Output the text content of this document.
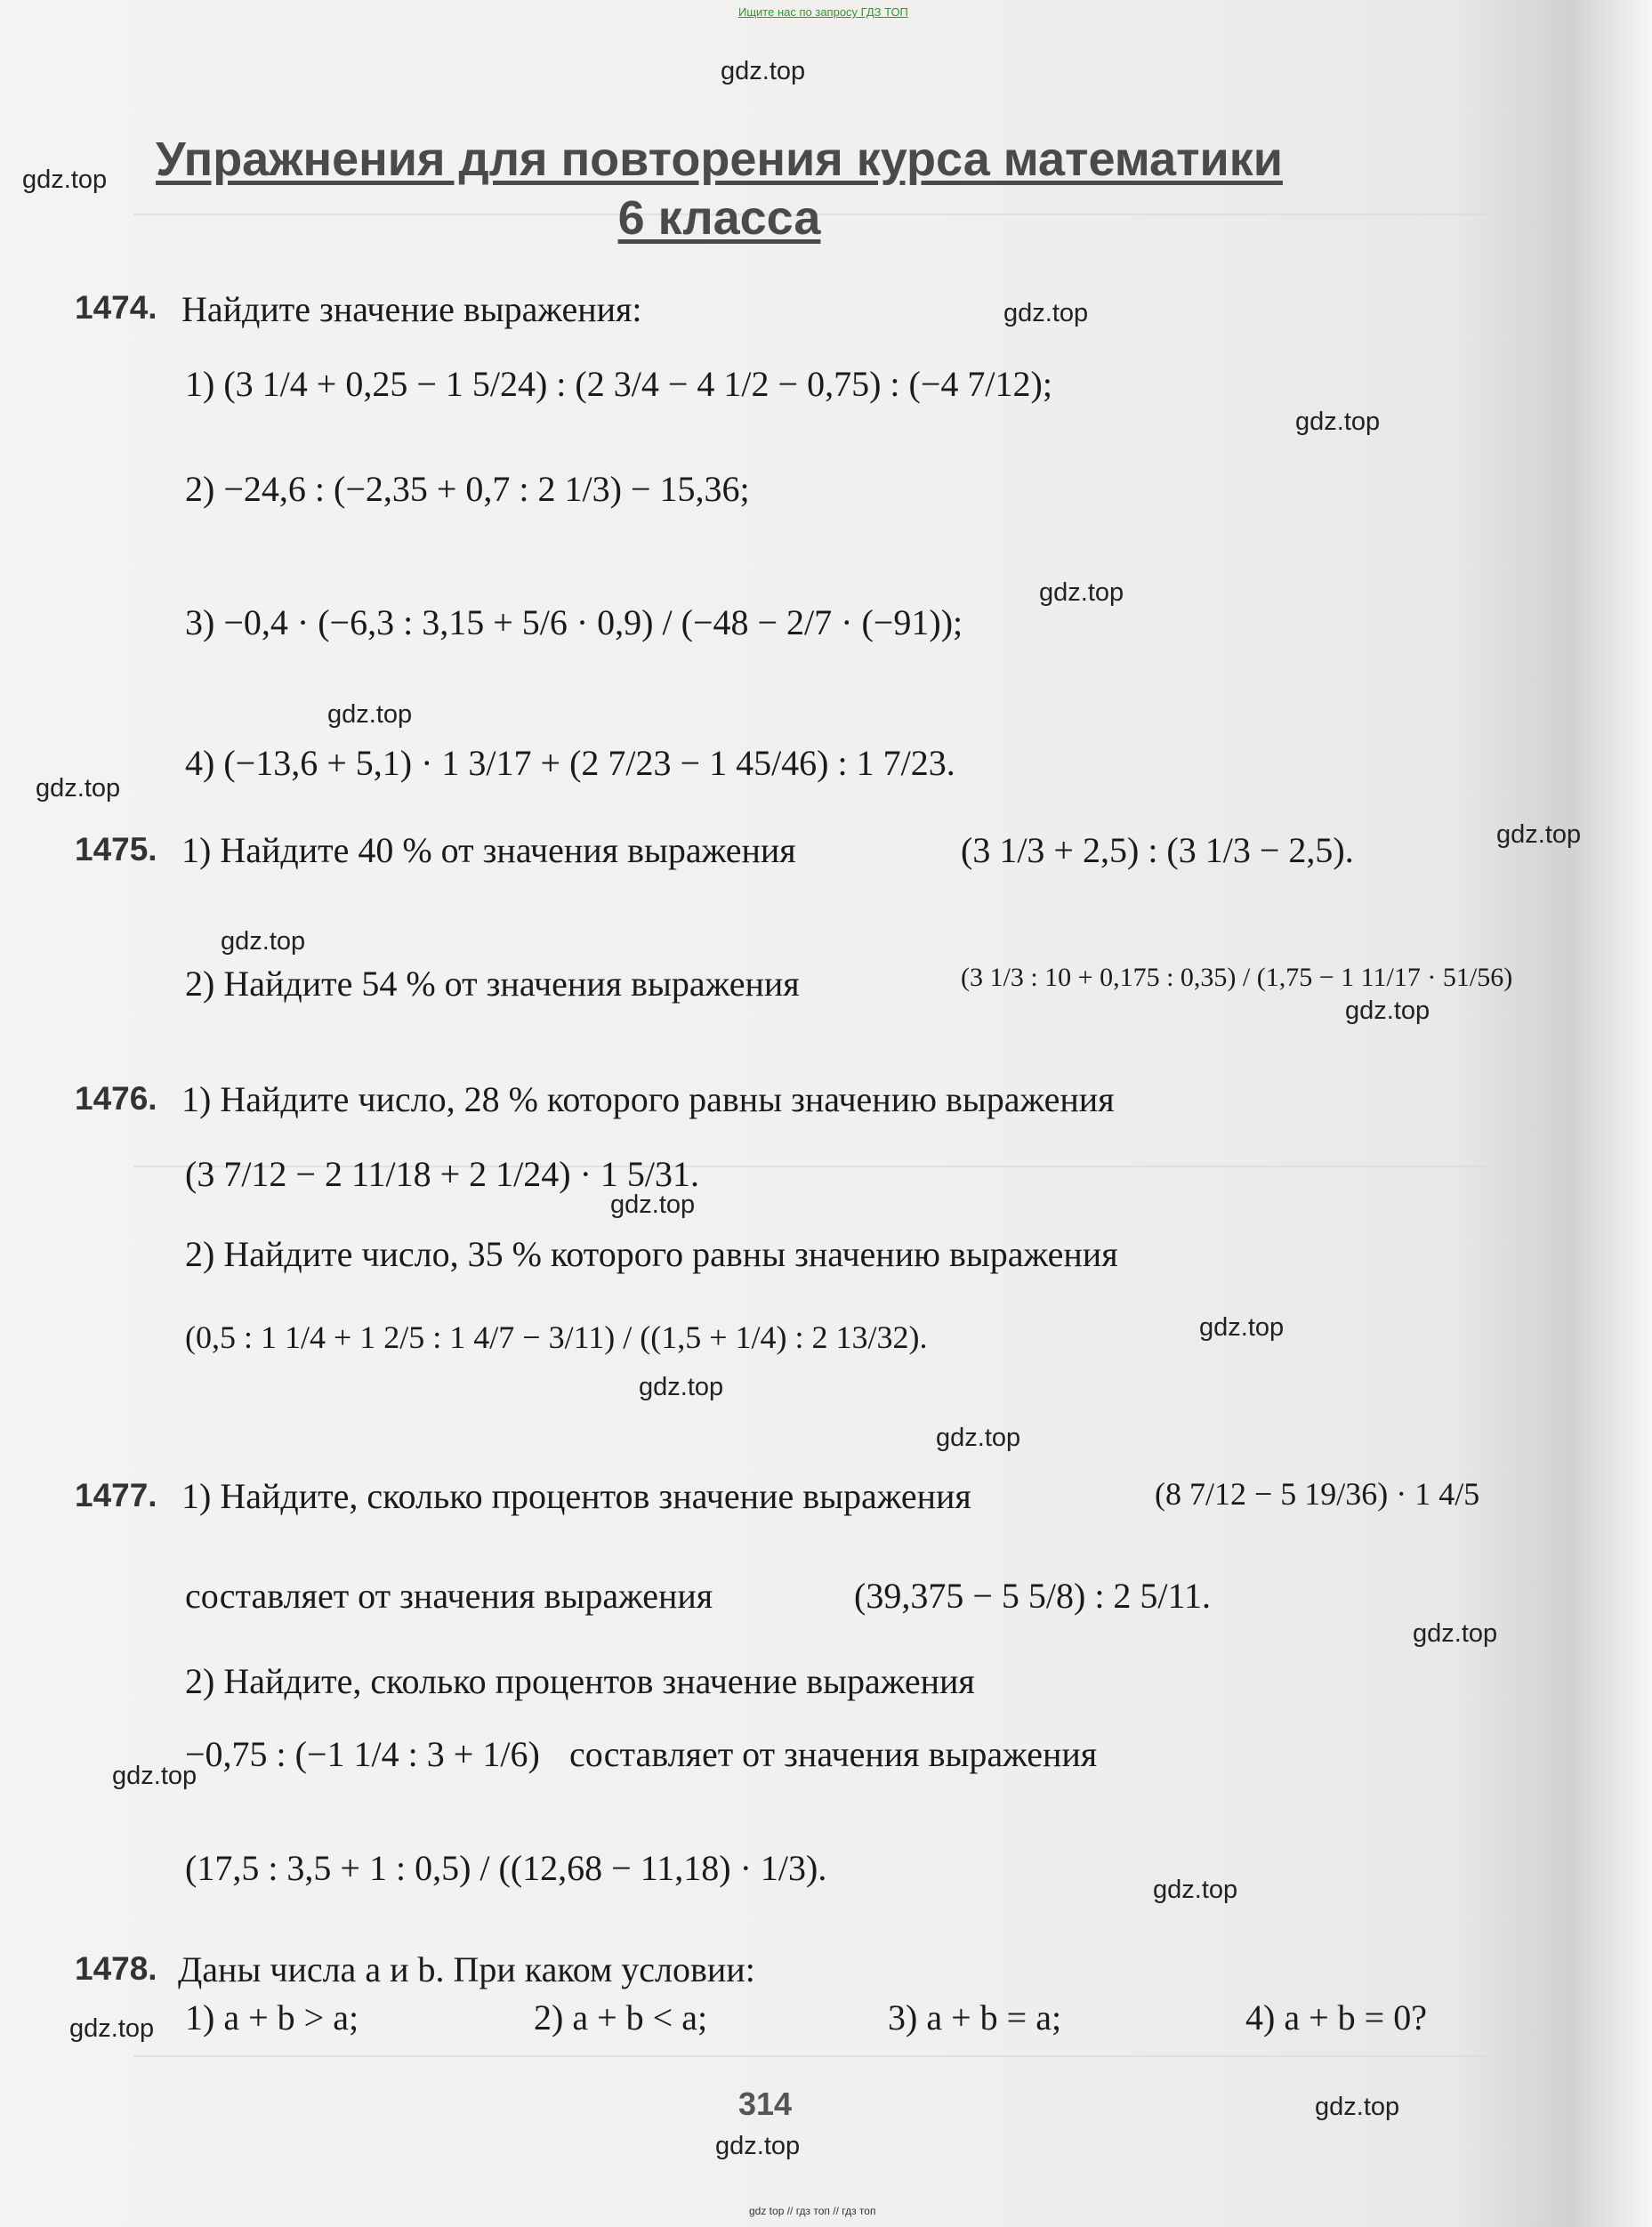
Ищите нас по запросу ГДЗ ТОП
gdz.top
gdz.top
gdz.top
gdz.top
gdz.top
gdz.top
gdz.top
gdz.top
gdz.top
gdz.top
gdz.top
gdz.top
gdz.top
gdz.top
gdz.top
gdz.top
gdz.top
gdz.top
gdz.top
gdz.top
Упражнения для повторения курса математики
6 класса
1474. Найдите значение выражения:
1) (3 1/4 + 0,25 − 1 5/24) : (2 3/4 − 4 1/2 − 0,75) : (−4 7/12);
2) −24,6 : (−2,35 + 0,7 : 2 1/3) − 15,36;
3) −0,4 · (−6,3 : 3,15 + 5/6 · 0,9) / (−48 − 2/7 · (−91));
4) (−13,6 + 5,1) · 1 3/17 + (2 7/23 − 1 45/46) : 1 7/23.
1475. 1) Найдите 40 % от значения выражения	(3 1/3 + 2,5) : (3 1/3 − 2,5).
2) Найдите 54 % от значения выражения	(3 1/3 : 10 + 0,175 : 0,35) / (1,75 − 1 11/17 · 51/56)
1476. 1) Найдите число, 28 % которого равны значению выражения
(3 7/12 − 2 11/18 + 2 1/24) · 1 5/31.
2) Найдите число, 35 % которого равны значению выражения
(0,5 : 1 1/4 + 1 2/5 : 1 4/7 − 3/11) / ((1,5 + 1/4) : 2 13/32).
1477. 1) Найдите, сколько процентов значение выражения	(8 7/12 − 5 19/36) · 1 4/5
составляет от значения выражения	(39,375 − 5 5/8) : 2 5/11.
2) Найдите, сколько процентов значение выражения
−0,75 : (−1 1/4 : 3 + 1/6) составляет от значения выражения
(17,5 : 3,5 + 1 : 0,5) / ((12,68 − 11,18) · 1/3).
1478. Даны числа a и b. При каком условии:
1) a + b > a;	2) a + b < a;	3) a + b = a;	4) a + b = 0?
314
gdz top // гдз топ // гдз топ
